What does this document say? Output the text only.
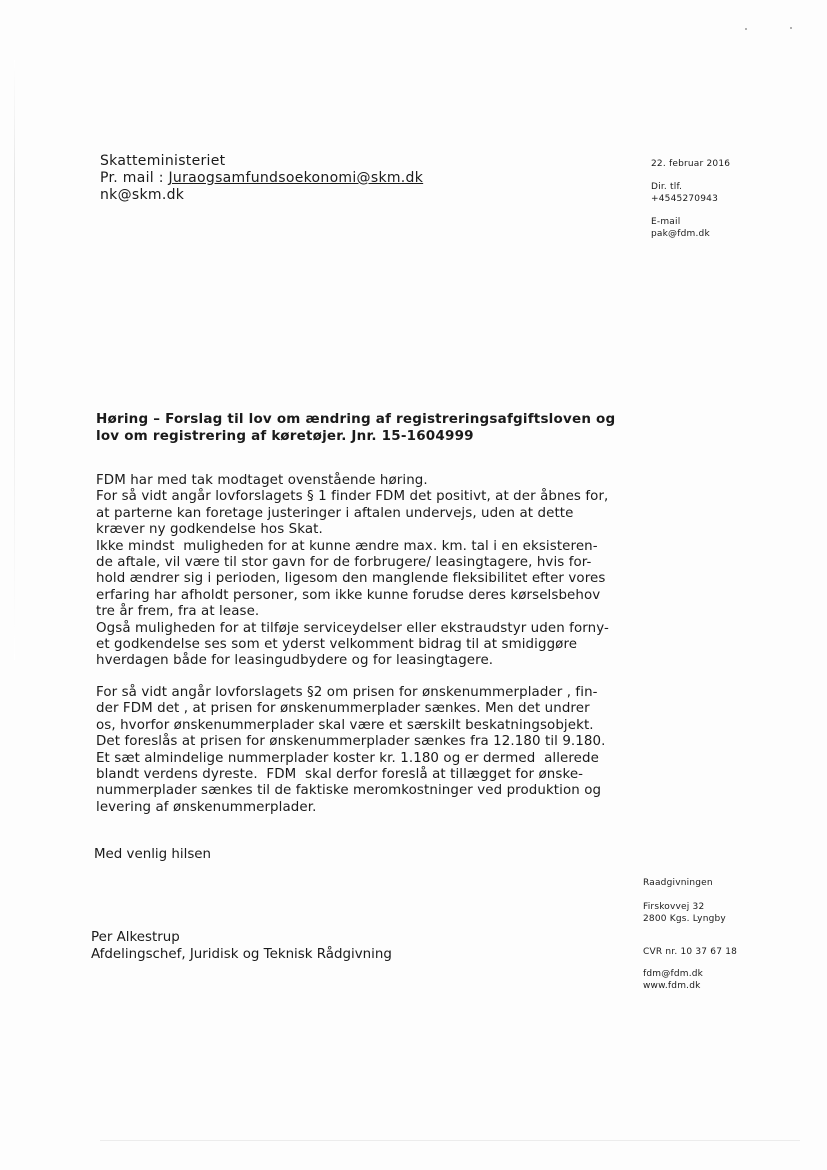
Skatteministeriet
Pr. mail : Juraogsamfundsoekonomi@skm.dk
nk@skm.dk
22. februar 2016
Dir. tlf.
+4545270943
E-mail
pak@fdm.dk
Høring – Forslag til lov om ændring af registreringsafgiftsloven og
lov om registrering af køretøjer. Jnr. 15-1604999
FDM har med tak modtaget ovenstående høring.
For så vidt angår lovforslagets § 1 finder FDM det positivt, at der åbnes for,
at parterne kan foretage justeringer i aftalen undervejs, uden at dette
kræver ny godkendelse hos Skat.
Ikke mindst  muligheden for at kunne ændre max. km. tal i en eksisteren-
de aftale, vil være til stor gavn for de forbrugere/ leasingtagere, hvis for-
hold ændrer sig i perioden, ligesom den manglende fleksibilitet efter vores
erfaring har afholdt personer, som ikke kunne forudse deres kørselsbehov
tre år frem, fra at lease.
Også muligheden for at tilføje serviceydelser eller ekstraudstyr uden forny-
et godkendelse ses som et yderst velkomment bidrag til at smidiggøre
hverdagen både for leasingudbydere og for leasingtagere.
For så vidt angår lovforslagets §2 om prisen for ønskenummerplader , fin-
der FDM det , at prisen for ønskenummerplader sænkes. Men det undrer
os, hvorfor ønskenummerplader skal være et særskilt beskatningsobjekt.
Det foreslås at prisen for ønskenummerplader sænkes fra 12.180 til 9.180.
Et sæt almindelige nummerplader koster kr. 1.180 og er dermed  allerede
blandt verdens dyreste.  FDM  skal derfor foreslå at tillægget for ønske-
nummerplader sænkes til de faktiske meromkostninger ved produktion og
levering af ønskenummerplader.
Med venlig hilsen
Per Alkestrup
Afdelingschef, Juridisk og Teknisk Rådgivning
Raadgivningen
Firskovvej 32
2800 Kgs. Lyngby
CVR nr. 10 37 67 18
fdm@fdm.dk
www.fdm.dk
